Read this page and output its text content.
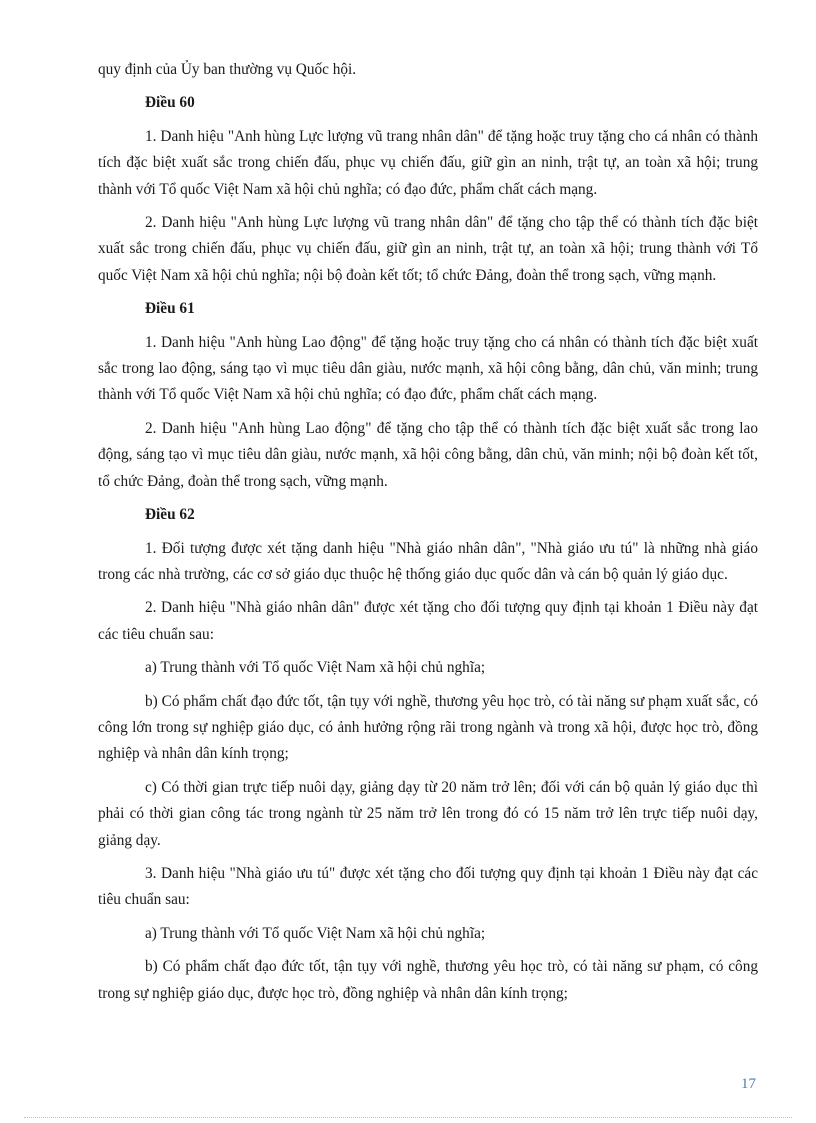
quy định của Ủy ban thường vụ Quốc hội.

Điều 60

1. Danh hiệu "Anh hùng Lực lượng vũ trang nhân dân" để tặng hoặc truy tặng cho cá nhân có thành tích đặc biệt xuất sắc trong chiến đấu, phục vụ chiến đấu, giữ gìn an ninh, trật tự, an toàn xã hội; trung thành với Tổ quốc Việt Nam xã hội chủ nghĩa; có đạo đức, phẩm chất cách mạng.

2. Danh hiệu "Anh hùng Lực lượng vũ trang nhân dân" để tặng cho tập thể có thành tích đặc biệt xuất sắc trong chiến đấu, phục vụ chiến đấu, giữ gìn an ninh, trật tự, an toàn xã hội; trung thành với Tổ quốc Việt Nam xã hội chủ nghĩa; nội bộ đoàn kết tốt; tổ chức Đảng, đoàn thể trong sạch, vững mạnh.

Điều 61

1. Danh hiệu "Anh hùng Lao động" để tặng hoặc truy tặng cho cá nhân có thành tích đặc biệt xuất sắc trong lao động, sáng tạo vì mục tiêu dân giàu, nước mạnh, xã hội công bằng, dân chủ, văn minh; trung thành với Tổ quốc Việt Nam xã hội chủ nghĩa; có đạo đức, phẩm chất cách mạng.

2. Danh hiệu "Anh hùng Lao động" để tặng cho tập thể có thành tích đặc biệt xuất sắc trong lao động, sáng tạo vì mục tiêu dân giàu, nước mạnh, xã hội công bằng, dân chủ, văn minh; nội bộ đoàn kết tốt, tổ chức Đảng, đoàn thể trong sạch, vững mạnh.

Điều 62

1. Đối tượng được xét tặng danh hiệu "Nhà giáo nhân dân", "Nhà giáo ưu tú" là những nhà giáo trong các nhà trường, các cơ sở giáo dục thuộc hệ thống giáo dục quốc dân và cán bộ quản lý giáo dục.

2. Danh hiệu "Nhà giáo nhân dân" được xét tặng cho đối tượng quy định tại khoản 1 Điều này đạt các tiêu chuẩn sau:

a) Trung thành với Tổ quốc Việt Nam xã hội chủ nghĩa;

b) Có phẩm chất đạo đức tốt, tận tụy với nghề, thương yêu học trò, có tài năng sư phạm xuất sắc, có công lớn trong sự nghiệp giáo dục, có ảnh hưởng rộng rãi trong ngành và trong xã hội, được học trò, đồng nghiệp và nhân dân kính trọng;

c) Có thời gian trực tiếp nuôi dạy, giảng dạy từ 20 năm trở lên; đối với cán bộ quản lý giáo dục thì phải có thời gian công tác trong ngành từ 25 năm trở lên trong đó có 15 năm trở lên trực tiếp nuôi dạy, giảng dạy.

3. Danh hiệu "Nhà giáo ưu tú" được xét tặng cho đối tượng quy định tại khoản 1 Điều này đạt các tiêu chuẩn sau:

a) Trung thành với Tổ quốc Việt Nam xã hội chủ nghĩa;

b) Có phẩm chất đạo đức tốt, tận tụy với nghề, thương yêu học trò, có tài năng sư phạm, có công trong sự nghiệp giáo dục, được học trò, đồng nghiệp và nhân dân kính trọng;

17
